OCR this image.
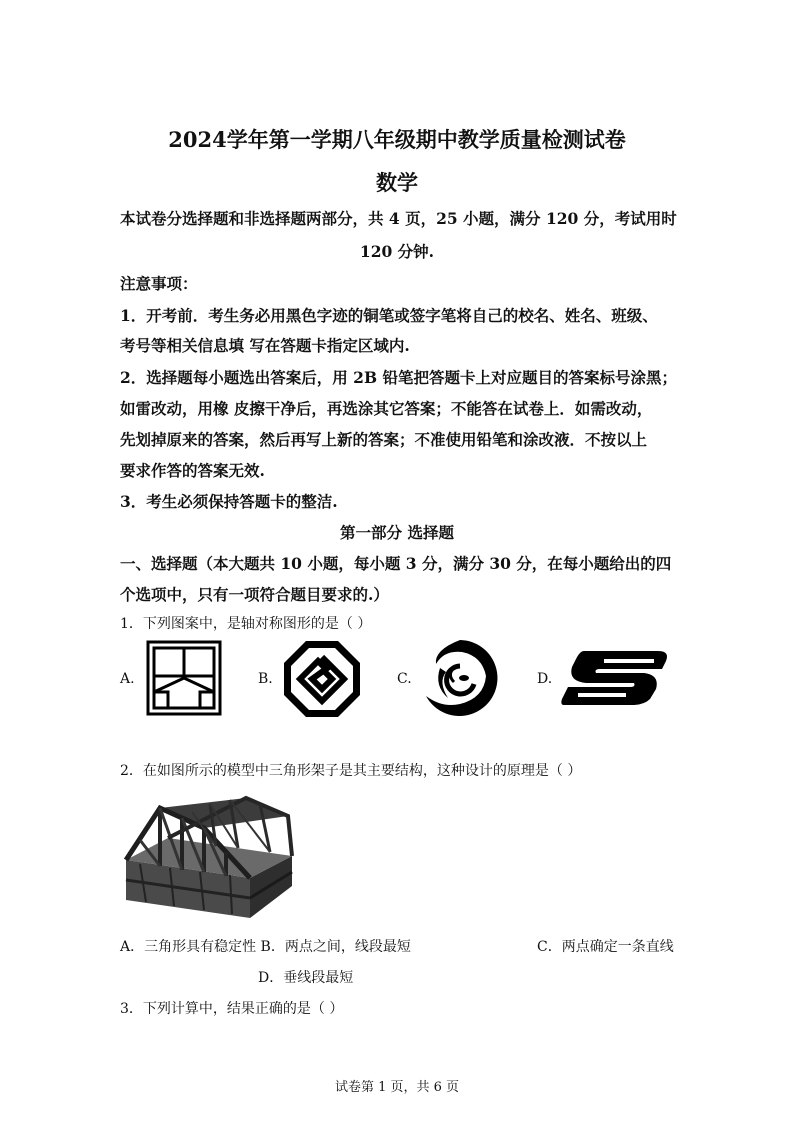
2024学年第一学期八年级期中教学质量检测试卷
数学
本试卷分选择题和非选择题两部分，共 4 页，25 小题，满分 120 分，考试用时
120 分钟.
注意事项：
1．开考前．考生务必用黑色字迹的铜笔或签字笔将自己的校名、姓名、班级、
考号等相关信息填 写在答题卡指定区域内.
2．选择题每小题选出答案后，用 2B 铅笔把答题卡上对应题目的答案标号涂黑；
如雷改动，用橡 皮擦干净后，再选涂其它答案；不能答在试卷上．如需改动，
先划掉原来的答案，然后再写上新的答案；不准使用铅笔和涂改液．不按以上
要求作答的答案无效.
3．考生必须保持答题卡的整洁.
第一部分 选择题
一、选择题（本大题共 10 小题，每小题 3 分，满分 30 分，在每小题给出的四
个选项中，只有一项符合题目要求的.）
1．下列图案中，是轴对称图形的是（ ）
A.	B.	C.	D.
2．在如图所示的模型中三角形架子是其主要结构，这种设计的原理是（ ）
A．三角形具有稳定性 B．两点之间，线段最短	C．两点确定一条直线
D．垂线段最短
3．下列计算中，结果正确的是（ ）
试卷第 1 页，共 6 页
